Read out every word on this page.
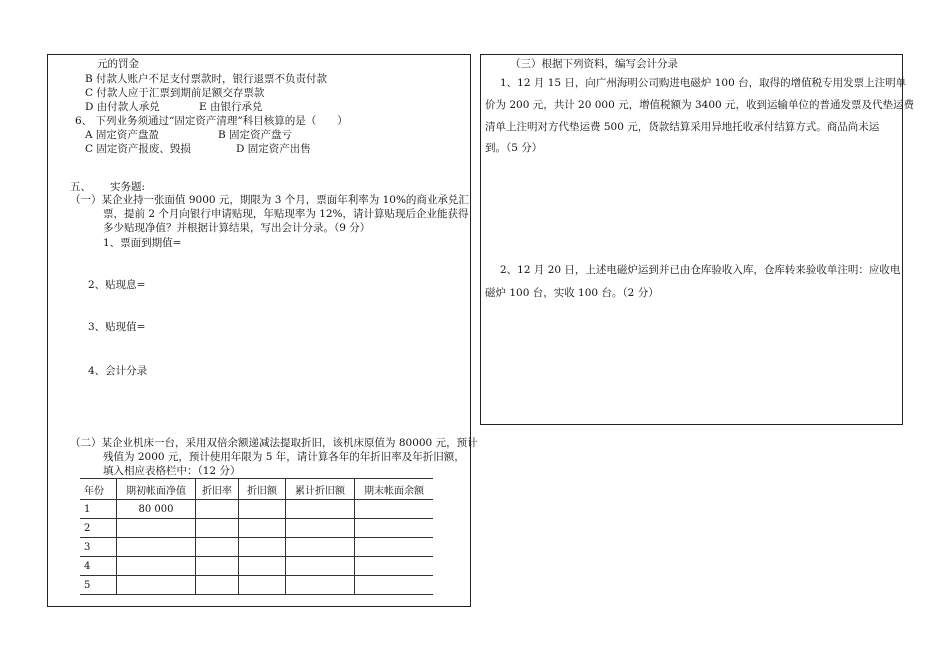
元的罚金
B 付款人账户不足支付票款时，银行退票不负责付款
C 付款人应于汇票到期前足额交存票款
D 由付款人承兑	E 由银行承兑
6、 下列业务须通过“固定资产清理”科目核算的是（　　）
A 固定资产盘盈	B 固定资产盘亏
C 固定资产报废、毁损	D 固定资产出售
五、 实务题:
（一）某企业持一张面值 9000 元，期限为 3 个月，票面年利率为 10%的商业承兑汇
票，提前 2 个月向银行申请贴现，年贴现率为 12%，请计算贴现后企业能获得
多少贴现净值？并根据计算结果，写出会计分录。（9 分）
1、票面到期值=
2、贴现息=
3、贴现值=
4、会计分录
（二）某企业机床一台，采用双倍余额递减法提取折旧，该机床原值为 80000 元，预计
残值为 2000 元，预计使用年限为 5 年，请计算各年的年折旧率及年折旧额，
填入相应表格栏中：（12 分）
年份	期初帐面净值	折旧率	折旧额	累计折旧额	期末帐面余额
1	80 000				
2					
3					
4					
5					
（三）根据下列资料，编写会计分录
1、12 月 15 日，向广州海明公司购进电磁炉 100 台，取得的增值税专用发票上注明单
价为 200 元，共计 20 000 元，增值税额为 3400 元，收到运输单位的普通发票及代垫运费
清单上注明对方代垫运费 500 元，货款结算采用异地托收承付结算方式。商品尚未运
到。（5 分）
2、12 月 20 日，上述电磁炉运到并已由仓库验收入库，仓库转来验收单注明：应收电
磁炉 100 台，实收 100 台。（2 分）
